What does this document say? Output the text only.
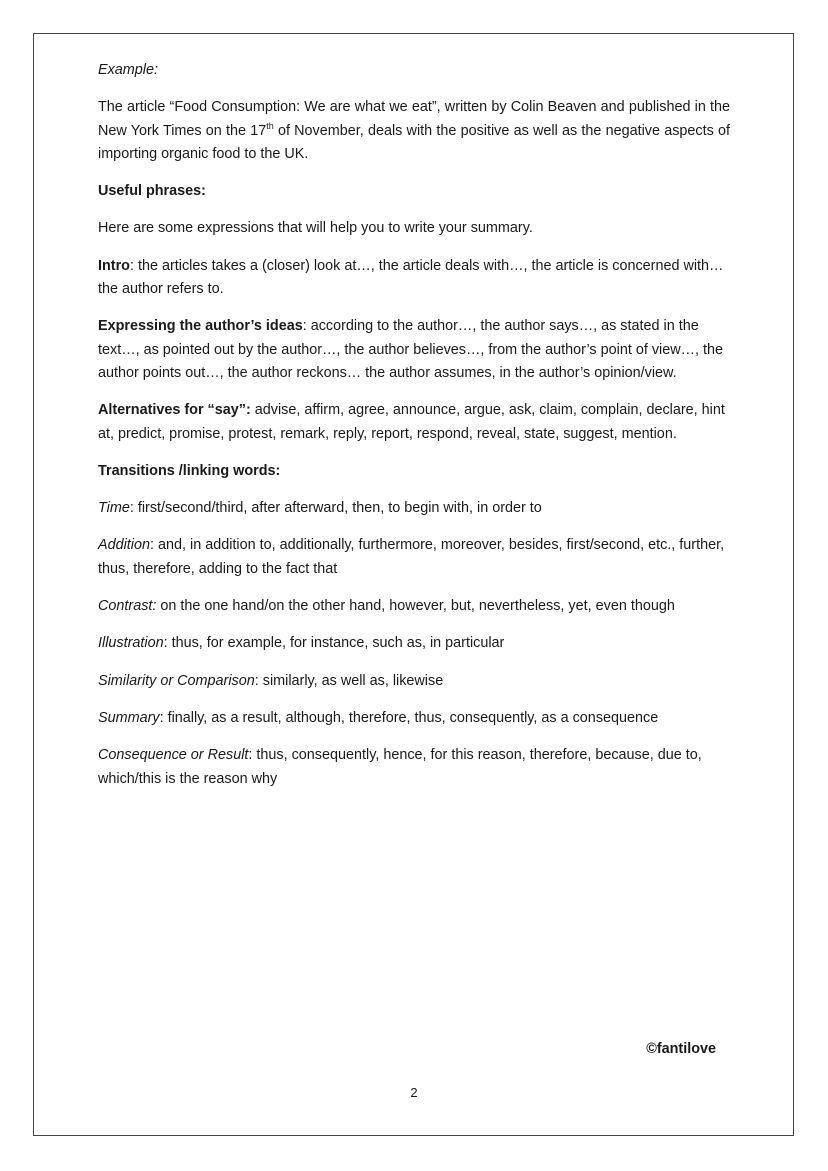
Example:

The article “Food Consumption: We are what we eat”, written by Colin Beaven and published in the New York Times on the 17th of November, deals with the positive as well as the negative aspects of importing organic food to the UK.

Useful phrases:

Here are some expressions that will help you to write your summary.

Intro: the articles takes a (closer) look at…, the article deals with…, the article is concerned with… the author refers to.

Expressing the author’s ideas: according to the author…, the author says…, as stated in the text…, as pointed out by the author…, the author believes…, from the author’s point of view…, the author points out…, the author reckons… the author assumes, in the author’s opinion/view.

Alternatives for “say”: advise, affirm, agree, announce, argue, ask, claim, complain, declare, hint at, predict, promise, protest, remark, reply, report, respond, reveal, state, suggest, mention.

Transitions /linking words:

Time: first/second/third, after afterward, then, to begin with, in order to

Addition: and, in addition to, additionally, furthermore, moreover, besides, first/second, etc., further, thus, therefore, adding to the fact that

Contrast: on the one hand/on the other hand, however, but, nevertheless, yet, even though

Illustration: thus, for example, for instance, such as, in particular

Similarity or Comparison: similarly, as well as, likewise

Summary: finally, as a result, although, therefore, thus, consequently, as a consequence

Consequence or Result: thus, consequently, hence, for this reason, therefore, because, due to, which/this is the reason why

©fantilove
2
